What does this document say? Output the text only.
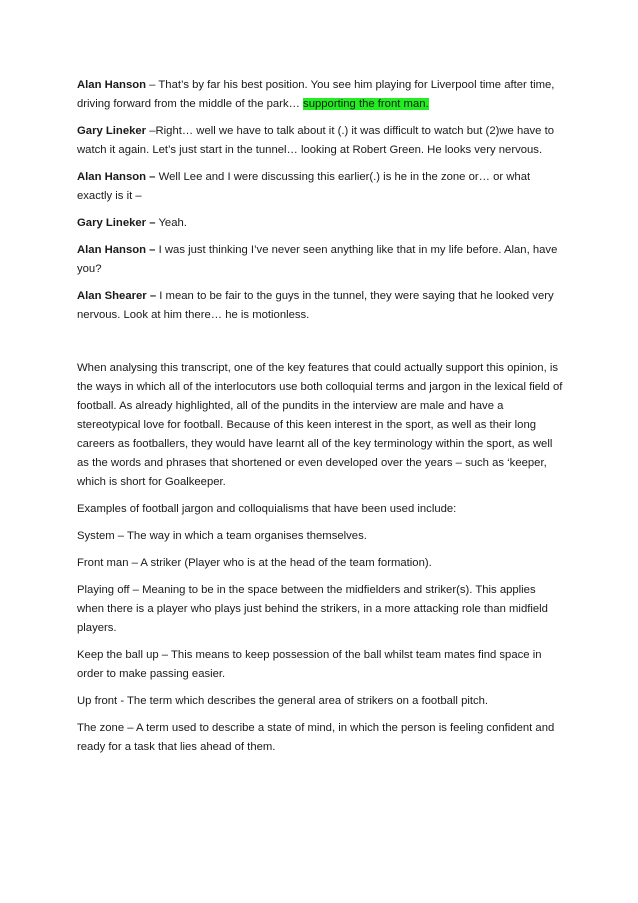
Alan Hanson – That’s by far his best position. You see him playing for Liverpool time after time, driving forward from the middle of the park… supporting the front man.

Gary Lineker –Right… well we have to talk about it (.) it was difficult to watch but (2)we have to watch it again. Let’s just start in the tunnel… looking at Robert Green. He looks very nervous.

Alan Hanson – Well Lee and I were discussing this earlier(.) is he in the zone or… or what exactly is it –

Gary Lineker – Yeah.

Alan Hanson – I was just thinking I’ve never seen anything like that in my life before. Alan, have you?

Alan Shearer – I mean to be fair to the guys in the tunnel, they were saying that he looked very nervous. Look at him there… he is motionless.

When analysing this transcript, one of the key features that could actually support this opinion, is the ways in which all of the interlocutors use both colloquial terms and jargon in the lexical field of football. As already highlighted, all of the pundits in the interview are male and have a stereotypical love for football. Because of this keen interest in the sport, as well as their long careers as footballers, they would have learnt all of the key terminology within the sport, as well as the words and phrases that shortened or even developed over the years – such as ‘keeper, which is short for Goalkeeper.

Examples of football jargon and colloquialisms that have been used include:

System – The way in which a team organises themselves.

Front man – A striker (Player who is at the head of the team formation).

Playing off – Meaning to be in the space between the midfielders and striker(s). This applies when there is a player who plays just behind the strikers, in a more attacking role than midfield players.

Keep the ball up – This means to keep possession of the ball whilst team mates find space in order to make passing easier.

Up front - The term which describes the general area of strikers on a football pitch.

The zone – A term used to describe a state of mind, in which the person is feeling confident and ready for a task that lies ahead of them.
